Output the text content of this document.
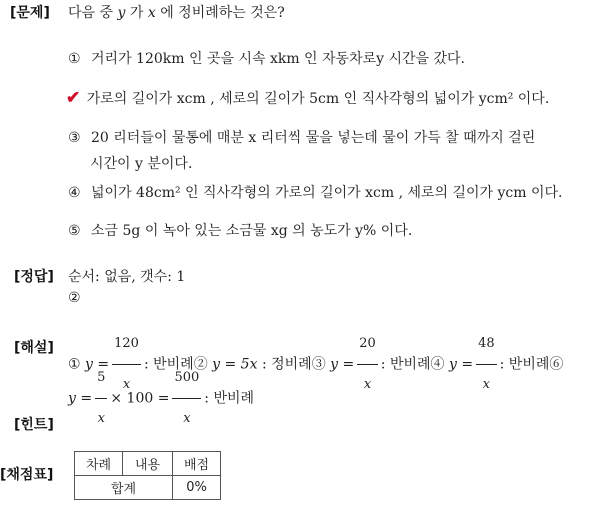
[문제]
[정답]
[해설]
[힌트]
[채점표]
다음 중 y 가 x 에 정비례하는 것은?
① 거리가 120km 인 곳을 시속 xkm 인 자동차로y 시간을 갔다.
✔ 가로의 길이가 xcm , 세로의 길이가 5cm 인 직사각형의 넓이가 ycm² 이다.
③ 20 리터들이 물통에 매분 x 리터씩 물을 넣는데 물이 가득 찰 때까지 걸린
시간이 y 분이다.
④ 넓이가 48cm² 인 직사각형의 가로의 길이가 xcm , 세로의 길이가 ycm 이다.
⑤ 소금 5g 이 녹아 있는 소금물 xg 의 농도가 y% 이다.
순서: 없음, 갯수: 1
②
① $y = \frac{120}{x}$ : 반비례② y = 5x : 정비례③ $y = \frac{20}{x}$ : 반비례④ $y = \frac{48}{x}$ : 반비례⑥
$y = \frac{5}{x} \times 100 = \frac{500}{x}$ : 반비례
차례	내용	배점
합계		0%
